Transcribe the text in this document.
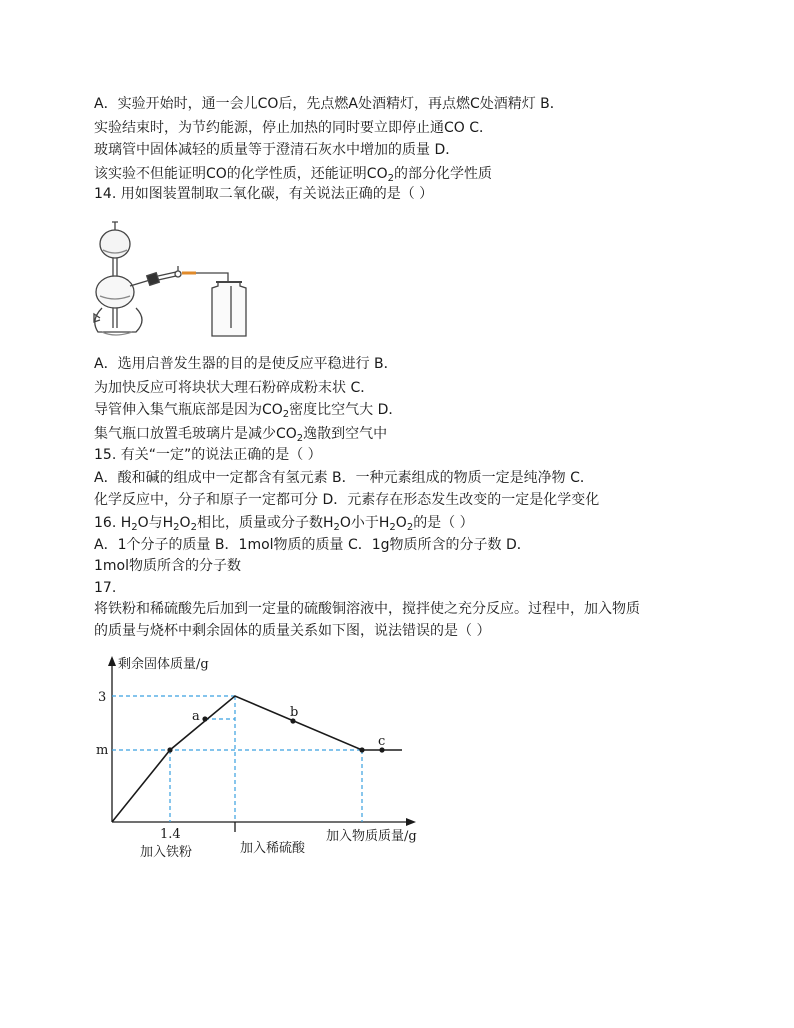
A．实验开始时，通一会儿CO后，先点燃A处酒精灯，再点燃C处酒精灯 B．
实验结束时，为节约能源，停止加热的同时要立即停止通CO C．
玻璃管中固体减轻的质量等于澄清石灰水中增加的质量 D．
该实验不但能证明CO的化学性质，还能证明$CO_2$的部分化学性质
14. 用如图装置制取二氧化碳，有关说法正确的是（ ）
A．选用启普发生器的目的是使反应平稳进行 B．
为加快反应可将块状大理石粉碎成粉末状 C．
导管伸入集气瓶底部是因为$CO_2$密度比空气大 D．
集气瓶口放置毛玻璃片是减少$CO_2$逸散到空气中
15. 有关“一定”的说法正确的是（ ）
A．酸和碱的组成中一定都含有氢元素 B．一种元素组成的物质一定是纯净物 C．
化学反应中，分子和原子一定都可分 D．元素存在形态发生改变的一定是化学变化
16. $H_2O$与$H_2O_2$相比，质量或分子数$H_2O$小于$H_2O_2$的是（ ）
A．1个分子的质量 B．1mol物质的质量 C．1g物质所含的分子数 D．
1mol物质所含的分子数
17.
将铁粉和稀硫酸先后加到一定量的硫酸铜溶液中，搅拌使之充分反应。过程中，加入物质
的质量与烧杯中剩余固体的质量关系如下图，说法错误的是（ ）
剩余固体质量/g
3
m
a	b
c
1.4
加入铁粉	加入稀硫酸
加入物质质量/g
